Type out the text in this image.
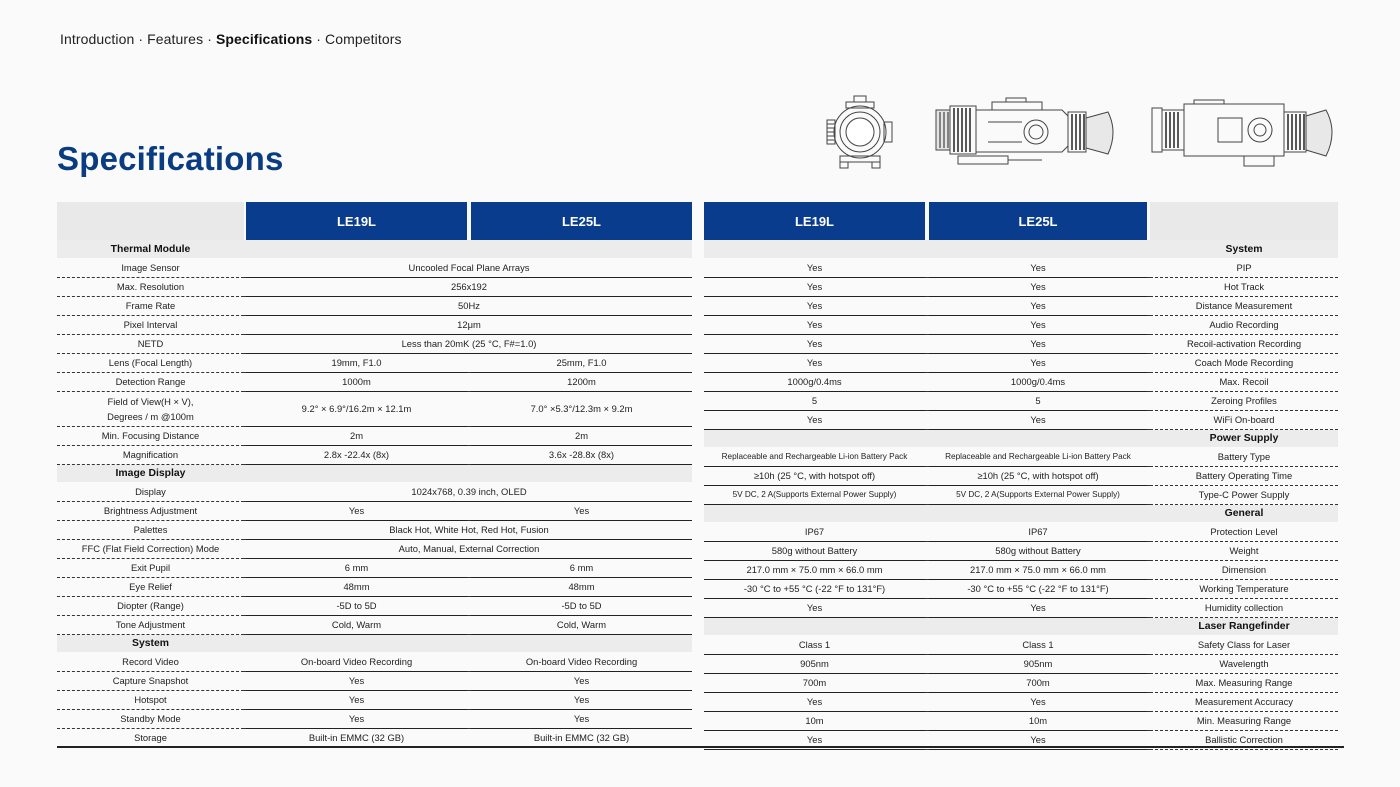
Introduction · Features · Specifications · Competitors
Specifications
		LE19L		LE25L
Thermal Module				
Image Sensor		Uncooled Focal Plane Arrays		
Max. Resolution		256x192		
Frame Rate		50Hz		
Pixel Interval		12μm		
NETD		Less than 20mK (25 °C, F#=1.0)		
Lens (Focal Length)		19mm, F1.0		25mm, F1.0
Detection Range		1000m		1200m

Field of View(H × V),
Degrees / m @100m		9.2° × 6.9°/16.2m × 12.1m		7.0° ×5.3°/12.3m × 9.2m
Min. Focusing Distance		2m		2m
Magnification		2.8x -22.4x (8x)		3.6x -28.8x (8x)
Image Display				
Display		1024x768, 0.39 inch, OLED		
Brightness Adjustment		Yes		Yes
Palettes		Black Hot, White Hot, Red Hot, Fusion		
FFC (Flat Field Correction) Mode		Auto, Manual, External Correction		
Exit Pupil		6 mm		6 mm
Eye Relief		48mm		48mm
Diopter (Range)		-5D to 5D		-5D to 5D
Tone Adjustment		Cold, Warm		Cold, Warm
System				
Record Video		On-board Video Recording		On-board Video Recording
Capture Snapshot		Yes		Yes
Hotspot		Yes		Yes
Standby Mode		Yes		Yes
Storage		Built-in EMMC (32 GB)		Built-in EMMC (32 GB)
LE19L		LE25L		
				System
Yes		Yes		PIP
Yes		Yes		Hot Track
Yes		Yes		Distance Measurement
Yes		Yes		Audio Recording
Yes		Yes		Recoil-activation Recording
Yes		Yes		Coach Mode Recording
1000g/0.4ms		1000g/0.4ms		Max. Recoil
5		5		Zeroing Profiles
Yes		Yes		WiFi On-board
				Power Supply
Replaceable and Rechargeable Li-ion Battery Pack		Replaceable and Rechargeable Li-ion Battery Pack		Battery Type
≥10h (25 °C, with hotspot off)		≥10h (25 °C, with hotspot off)		Battery Operating Time
5V DC, 2 A(Supports External Power Supply)		5V DC, 2 A(Supports External Power Supply)		Type-C Power Supply
				General
IP67		IP67		Protection Level
580g without Battery		580g without Battery		Weight
217.0 mm × 75.0 mm × 66.0 mm		217.0 mm × 75.0 mm × 66.0 mm		Dimension
-30 °C to +55 °C (-22 °F to 131°F)		-30 °C to +55 °C (-22 °F to 131°F)		Working Temperature
Yes		Yes		Humidity collection
				Laser Rangefinder
Class 1		Class 1		Safety Class for Laser
905nm		905nm		Wavelength
700m		700m		Max. Measuring Range
Yes		Yes		Measurement Accuracy
10m		10m		Min. Measuring Range
Yes		Yes		Ballistic Correction
